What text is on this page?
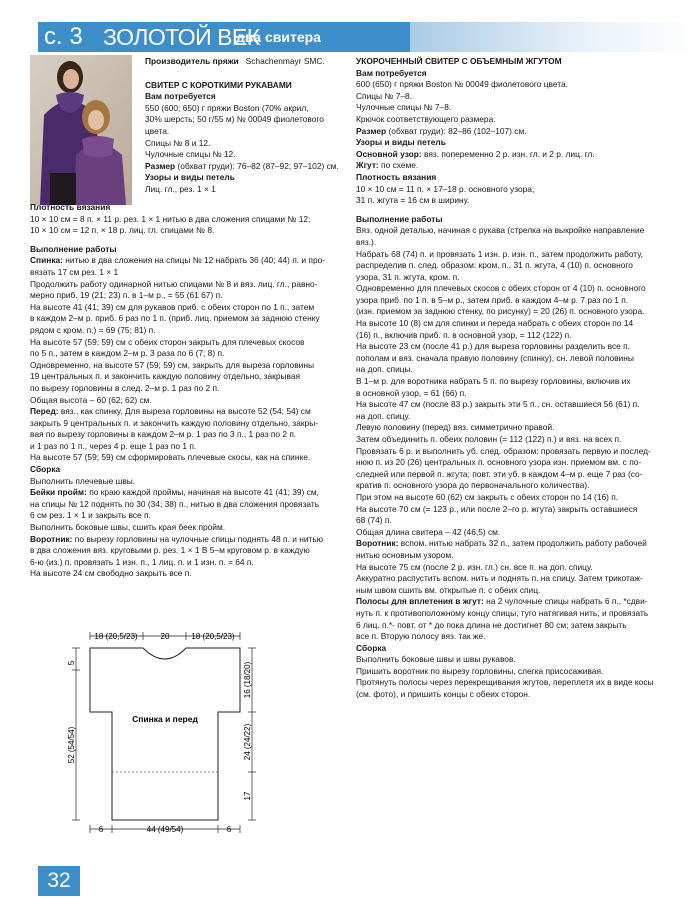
с. 3 ЗОЛОТОЙ ВЕК
два свитера

Производитель пряжи Schachenmayr SMC.

СВИТЕР С КОРОТКИМИ РУКАВАМИ

Вам потребуется

550 (600; 650) г пряжи Boston (70% акрил,

30% шерсть; 50 г/55 м) № 00049 фиолетового

цвета.

Спицы № 8 и 12.

Чулочные спицы № 12.

Размер (обхват груди): 76–82 (87–92; 97–102) см.

Узоры и виды петель

Лиц. гл., рез. 1 × 1

Плотность вязания

10 × 10 см = 8 п. × 11 р. рез. 1 × 1 нитью в два сложения спицами № 12;

10 × 10 см = 12 п. × 18 р. лиц. гл. спицами № 8.

Выполнение работы

Спинка: нитью в два сложения на спицы № 12 набрать 36 (40; 44) п. и про-

вязать 17 см рез. 1 × 1

Продолжить работу одинарной нитью спицами № 8 и вяз. лиц. гл., равно-

мерно приб. 19 (21; 23) п. в 1–м р., = 55 (61 67) п.

На высоте 41 (41; 39) см для рукавов приб. с обеих сторон по 1 п., затем

в каждом 2–м р. приб. 6 раз по 1 п. (приб. лиц. приемом за заднюю стенку

рядом с кром. п.) = 69 (75; 81) п.

На высоте 57 (59; 59) см с обеих сторон закрыть для плечевых скосов

по 5 п., затем в каждом 2–м р. 3 раза по 6 (7; 8) п.

Одновременно, на высоте 57 (59; 59) см, закрыть для выреза горловины

19 центральных п. и закончить каждую половину отдельно, закрывая

по вырезу горловины в след. 2–м р. 1 раз по 2 п.

Общая высота – 60 (62; 62) см.

Перед: вяз., как спинку. Для выреза горловины на высоте 52 (54; 54) см

закрыть 9 центральных п. и закончить каждую половину отдельно, закры-

вая по вырезу горловины в каждом 2–м р. 1 раз по 3 п., 1 раз по 2 п.

и 1 раз по 1 п., через 4 р. еще 1 раз по 1 п.

На высоте 57 (59; 59) см сформировать плечевые скосы, как на спинке.

Сборка

Выполнить плечевые швы.

Бейки пройм: по краю каждой проймы, начиная на высоте 41 (41; 39) см,

на спицы № 12 поднять по 30 (34; 38) п., нитью в два сложения провязать

6 см рез. 1 × 1 и закрыть все п.

Выполнить боковые швы, сшить края беек пройм.

Воротник: по вырезу горловины на чулочные спицы поднять 48 п. и нитью

в два сложения вяз. круговыми р. рез. 1 × 1 В 5–м круговом р. в каждую

6-ю (из.) п. провязать 1 изн. п., 1 лиц. п. и 1 изн. п. = 64 п.

На высоте 24 см свободно закрыть все п.

УКОРОЧЕННЫЙ СВИТЕР С ОБЪЕМНЫМ ЖГУТОМ

Вам потребуется

600 (650) г пряжи Boston № 00049 фиолетового цвета.

Спицы № 7–8.

Чулочные спицы № 7–8.

Крючок соответствующего размера.

Размер (обхват груди): 82–86 (102–107) см.

Узоры и виды петель

Основной узор: вяз. попеременно 2 р. изн. гл. и 2 р. лиц. гл.

Жгут: по схеме.

Плотность вязания

10 × 10 см = 11 п. × 17–18 р. основного узора;

31 п. жгута = 16 см в ширину.

Выполнение работы

Вяз. одной деталью, начиная с рукава (стрелка на выкройке направление

вяз.).

Набрать 68 (74) п. и провязать 1 изн. р. изн. п., затем продолжить работу,

распределив п. след. образом: кром. п., 31 п. жгута, 4 (10) п. основного

узора, 31 п. жгута, кром. п.

Одновременно для плечевых скосов с обеих сторон от 4 (10) п. основного

узора приб. по 1 п. в 5–м р., затем приб. в каждом 4–м р. 7 раз по 1 п.

(изн. приемом за заднюю стенку, по рисунку) = 20 (26) п. основного узора.

На высоте 10 (8) см для спинки и переда набрать с обеих сторон по 14

(16) п., включив приб. п. в основной узор, = 112 (122) п.

На высоте 23 см (после 41 р.) для выреза горловины разделить все п.

пополам и вяз. сначала правую половину (спинку), сн. левой половины

на доп. спицы.

В 1–м р. для воротника набрать 5 п. по вырезу горловины, включив их

в основной узор, = 61 (66) п.

На высоте 47 см (после 83 р.) закрыть эти 5 п., сн. оставшиеся 56 (61) п.

на доп. спицу.

Левую половину (перед) вяз. симметрично правой.

Затем объединить п. обеих половин (= 112 (122) п.) и вяз. на всех п.

Провязать 6 р. и выполнить уб. след. образом: провязать первую и послед-

нюю п. из 20 (26) центральных п. основного узора изн. приемом вм. с по-

следней или первой п. жгута; повт. эти уб. в каждом 4–м р. еще 7 раз (со-

кратив п. основного узора до первоначального количества).

При этом на высоте 60 (62) см закрыть с обеих сторон по 14 (16) п.

На высоте 70 см (= 123 р., или после 2–го р. жгута) закрыть оставшиеся

68 (74) п.

Общая длина свитера – 42 (46,5) см.

Воротник: вспом. нитью набрать 32 п., затем продолжить работу рабочей

нитью основным узором.

На высоте 75 см (после 2 р. изн. гл.) сн. все п. на доп. спицу.

Аккуратно распустить вспом. нить и поднять п. на спицу. Затем трикотаж-

ным швом сшить вм. открытые п. с обеих спиц.

Полосы для вплетения в жгут: на 2 чулочные спицы набрать 6 п., *сдви-

нуть п. к противоположному концу спицы, туго натягивая нить, и провязать

6 лиц. п.*- повт. от * до пока длина не достигнет 80 см; затем закрыть

все п. Вторую полосу вяз. так же.

Сборка

Выполнить боковые швы и швы рукавов.

Пришить воротник по вырезу горловины, слегка присосаживая.

Протянуть полосы через перекрещивания жгутов, переплетя их в виде косы

(см. фото), и пришить концы с обеих сторон.

18 (20,5/23)	20	18 (20,5/23)
Спинка и перед
5
52 (54/54)
16 (18/20)
24 (24/22)
17
6	44 (49/54)	6
32
